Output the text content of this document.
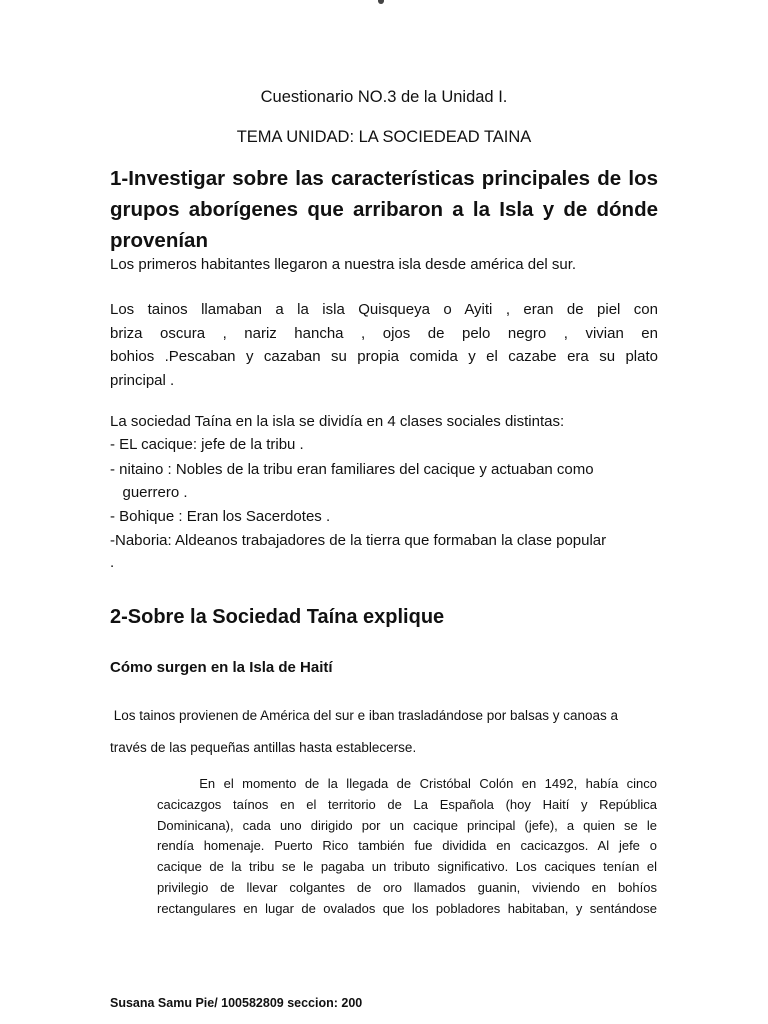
Cuestionario NO.3 de la Unidad I.
TEMA UNIDAD: LA SOCIEDEAD TAINA
1-Investigar sobre las características principales de los
grupos aborígenes que arribaron a la Isla y de dónde
provenían
Los primeros habitantes llegaron a nuestra isla desde américa del sur.
Los tainos llamaban a la isla Quisqueya o Ayiti , eran de piel con
briza oscura , nariz hancha , ojos de pelo negro , vivian en
bohios .Pescaban y cazaban su propia comida y el cazabe era su plato
principal .
La sociedad Taína en la isla se dividía en 4 clases sociales distintas:
- EL cacique: jefe de la tribu .
- nitaino : Nobles de la tribu eran familiares del cacique y actuaban como
guerrero .
- Bohique : Eran los Sacerdotes .
-Naboria: Aldeanos trabajadores de la tierra que formaban la clase popular
.
2-Sobre la Sociedad Taína explique
Cómo surgen en la Isla de Haití
Los tainos provienen de América del sur e iban trasladándose por balsas y canoas a
través de las pequeñas antillas hasta establecerse.
En el momento de la llegada de Cristóbal Colón en 1492, había cinco
cacicazgos taínos en el territorio de La Española (hoy Haití y República
Dominicana), cada uno dirigido por un cacique principal (jefe), a quien se le
rendía homenaje. Puerto Rico también fue dividida en cacicazgos. Al jefe o
cacique de la tribu se le pagaba un tributo significativo. Los caciques tenían el
privilegio de llevar colgantes de oro llamados guanin, viviendo en bohíos
rectangulares en lugar de ovalados que los pobladores habitaban, y sentándose
Susana Samu Pie/ 100582809 seccion: 200
